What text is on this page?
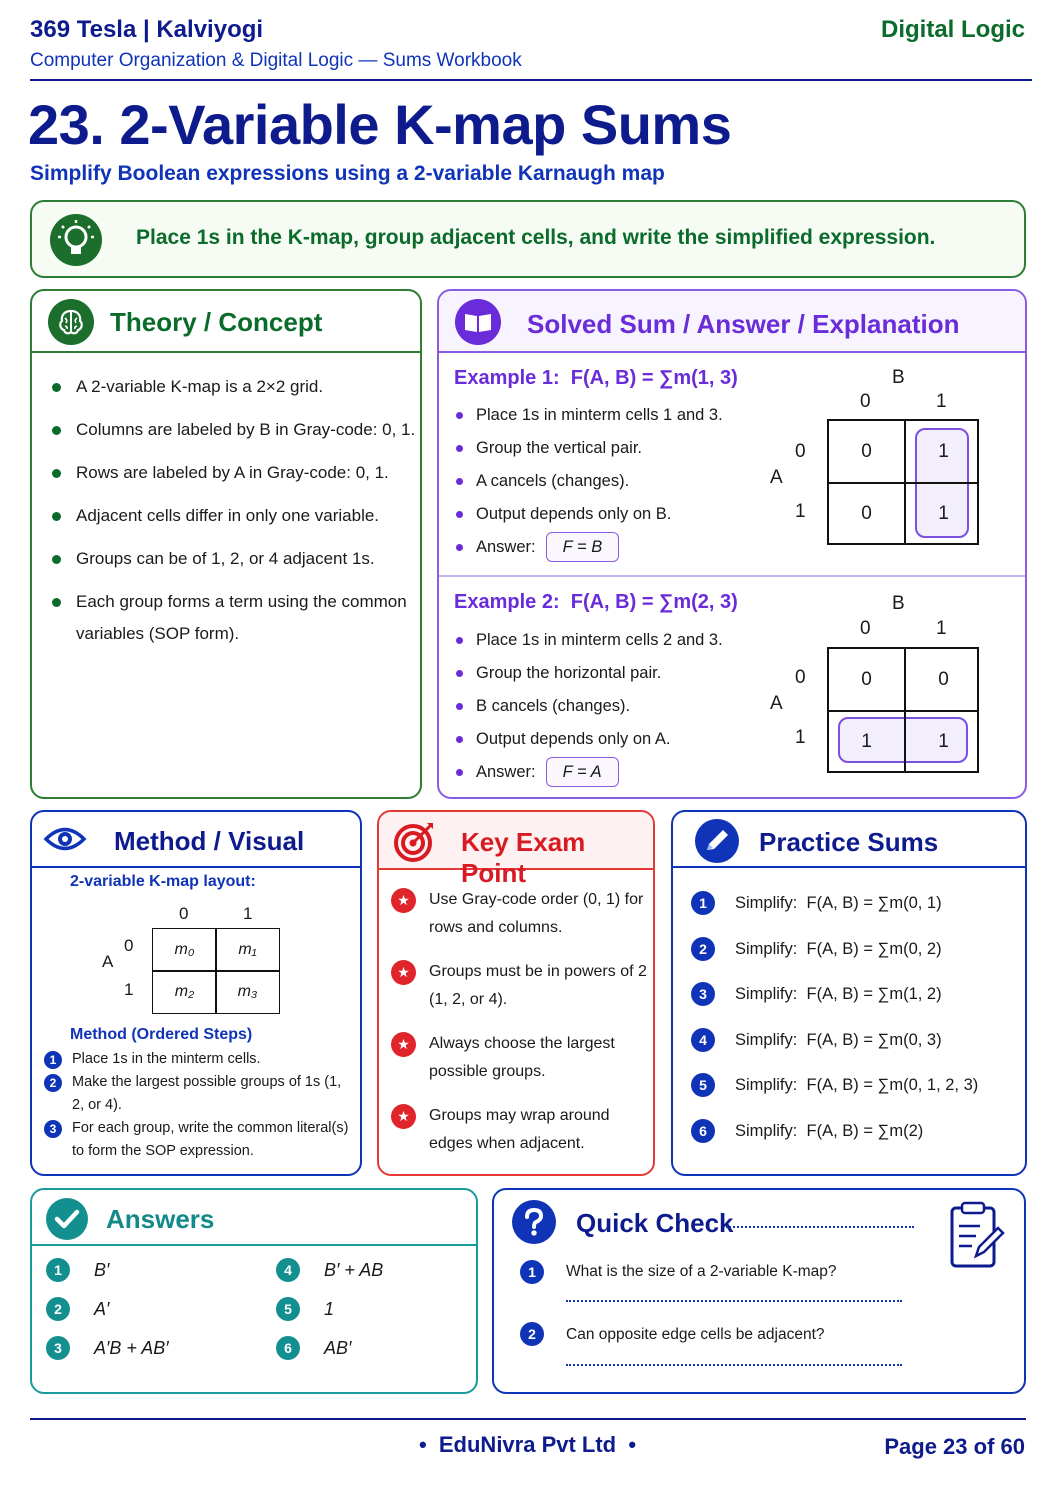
369 Tesla | Kalviyogi
Computer Organization & Digital Logic — Sums Workbook
Digital Logic
23. 2-Variable K-map Sums
Simplify Boolean expressions using a 2-variable Karnaugh map
Place 1s in the K-map, group adjacent cells, and write the simplified expression.
Theory / Concept
A 2-variable K-map is a 2×2 grid.
Columns are labeled by B in Gray-code: 0, 1.
Rows are labeled by A in Gray-code: 0, 1.
Adjacent cells differ in only one variable.
Groups can be of 1, 2, or 4 adjacent 1s.
Each group forms a term using the common variables (SOP form).
Solved Sum / Answer / Explanation
Example 1: F(A, B) = ∑m(1, 3)
Place 1s in minterm cells 1 and 3.
Group the vertical pair.
A cancels (changes).
Output depends only on B.
Answer: F = B
B
0	1
A
0
1
0	1
0	1
Example 2: F(A, B) = ∑m(2, 3)
Place 1s in minterm cells 2 and 3.
Group the horizontal pair.
B cancels (changes).
Output depends only on A.
Answer: F = A
B
0	1
A
0
1
0	0
1	1
Method / Visual
2-variable K-map layout:
0	1
A
0
1
m₀	m₁
m₂	m₃
Method (Ordered Steps)
1	Place 1s in the minterm cells.
2	Make the largest possible groups of 1s (1, 2, or 4).
3	For each group, write the common literal(s) to form the SOP expression.
Key Exam Point
★	Use Gray-code order (0, 1) for rows and columns.
★	Groups must be in powers of 2 (1, 2, or 4).
★	Always choose the largest possible groups.
★	Groups may wrap around edges when adjacent.
Practice Sums
1	Simplify: F(A, B) = ∑m(0, 1)
2	Simplify: F(A, B) = ∑m(0, 2)
3	Simplify: F(A, B) = ∑m(1, 2)
4	Simplify: F(A, B) = ∑m(0, 3)
5	Simplify: F(A, B) = ∑m(0, 1, 2, 3)
6	Simplify: F(A, B) = ∑m(2)
Answers
1	B′
2	A′
3	A′B + AB′
4	B′ + AB
5	1
6	AB′
Quick Check
1	What is the size of a 2-variable K-map?
2	Can opposite edge cells be adjacent?
• EduNivra Pvt Ltd •	Page 23 of 60
